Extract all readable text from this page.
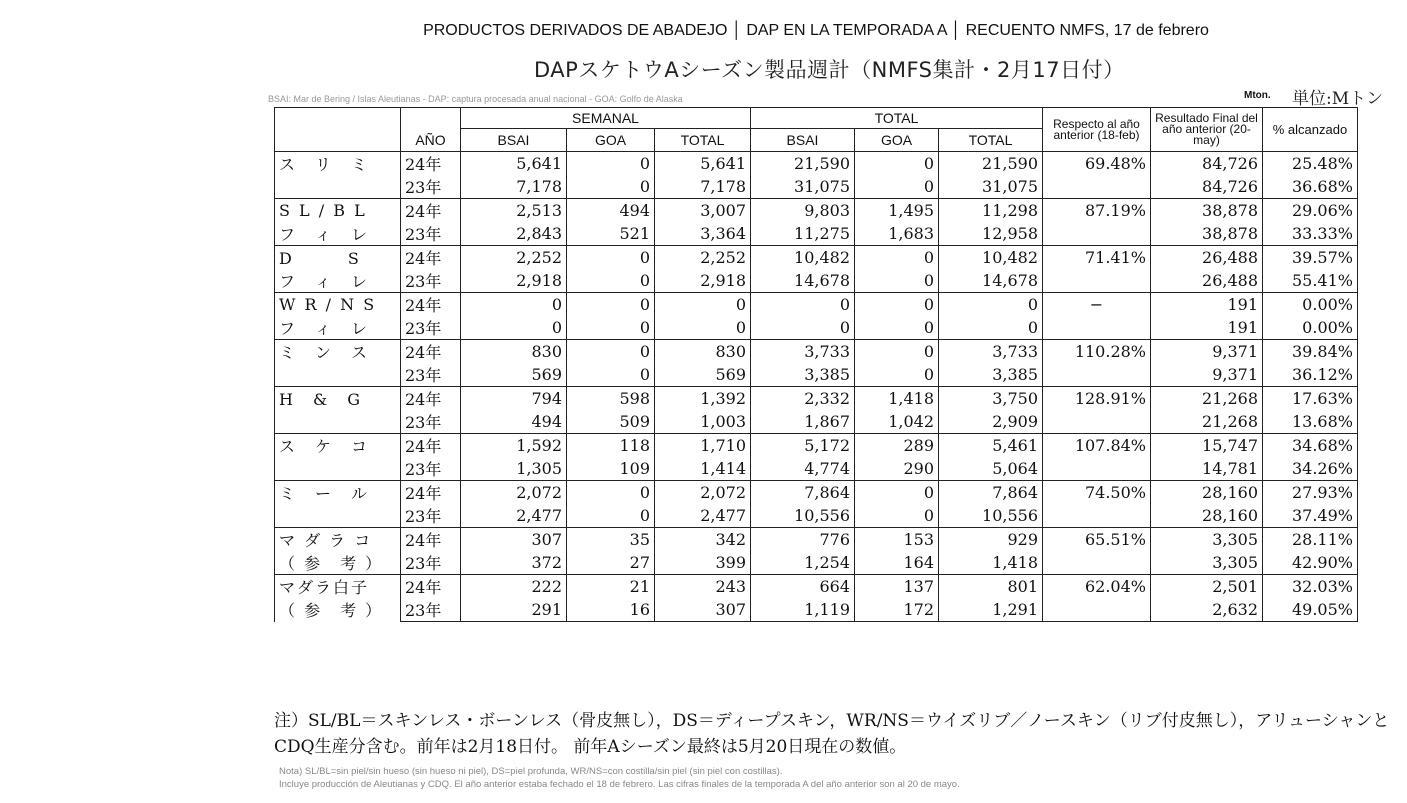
PRODUCTOS DERIVADOS DE ABADEJO │ DAP EN LA TEMPORADA A │ RECUENTO NMFS, 17 de febrero
DAPスケトウAシーズン製品週計（NMFS集計・2月17日付）
BSAI: Mar de Bering / Islas Aleutianas - DAP: captura procesada anual nacional - GOA: Golfo de Alaska	Mton. 単位:Mトン
		SEMANAL			TOTAL			Respecto al año anterior (18-feb)	Resultado Final del año anterior (20-may)	% alcanzado
	AÑO	BSAI	GOA	TOTAL	BSAI	GOA	TOTAL			
ス　リ　ミ	24年	5,641	0	5,641	21,590	0	21,590	69.48%	84,726	25.48%
	23年	7,178	0	7,178	31,075	0	31,075		84,726	36.68%
S L / B L	24年	2,513	494	3,007	9,803	1,495	11,298	87.19%	38,878	29.06%
フ　ィ　レ	23年	2,843	521	3,364	11,275	1,683	12,958		38,878	33.33%
D　　　S	24年	2,252	0	2,252	10,482	0	10,482	71.41%	26,488	39.57%
フ　ィ　レ	23年	2,918	0	2,918	14,678	0	14,678		26,488	55.41%
W R / N S	24年	0	0	0	0	0	0	−	191	0.00%
フ　ィ　レ	23年	0	0	0	0	0	0		191	0.00%
ミ　ン　ス	24年	830	0	830	3,733	0	3,733	110.28%	9,371	39.84%
	23年	569	0	569	3,385	0	3,385		9,371	36.12%
H　&　G	24年	794	598	1,392	2,332	1,418	3,750	128.91%	21,268	17.63%
	23年	494	509	1,003	1,867	1,042	2,909		21,268	13.68%
ス　ケ　コ	24年	1,592	118	1,710	5,172	289	5,461	107.84%	15,747	34.68%
	23年	1,305	109	1,414	4,774	290	5,064		14,781	34.26%
ミ　ー　ル	24年	2,072	0	2,072	7,864	0	7,864	74.50%	28,160	27.93%
	23年	2,477	0	2,477	10,556	0	10,556		28,160	37.49%
マ ダ ラ コ	24年	307	35	342	776	153	929	65.51%	3,305	28.11%
（ 参　考 ）	23年	372	27	399	1,254	164	1,418		3,305	42.90%
マダラ白子	24年	222	21	243	664	137	801	62.04%	2,501	32.03%
（ 参　考 ）	23年	291	16	307	1,119	172	1,291		2,632	49.05%
注）SL/BL＝スキンレス・ボーンレス（骨皮無し），DS＝ディープスキン，WR/NS＝ウイズリブ／ノースキン（リブ付皮無し），アリューシャンとCDQ生産分含む。前年は2月18日付。 前年Aシーズン最終は5月20日現在の数値。
Nota) SL/BL=sin piel/sin hueso (sin hueso ni piel), DS=piel profunda, WR/NS=con costilla/sin piel (sin piel con costillas).
Incluye producción de Aleutianas y CDQ. El año anterior estaba fechado el 18 de febrero. Las cifras finales de la temporada A del año anterior son al 20 de mayo.
